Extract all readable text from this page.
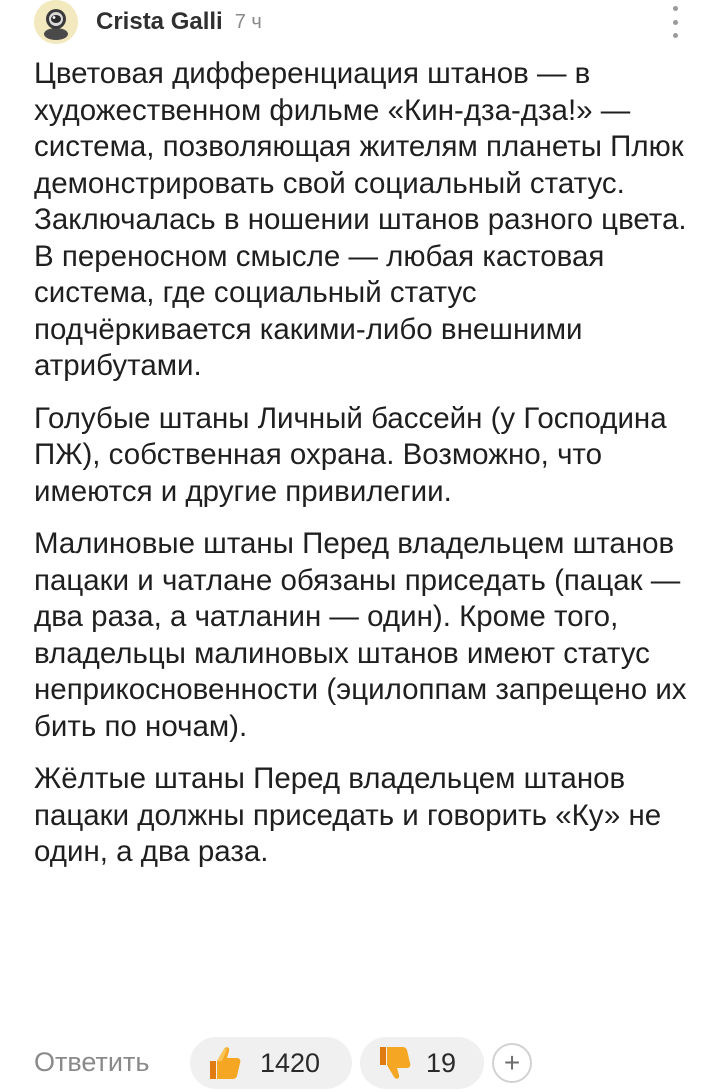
Crista Galli 7 ч

Цветовая дифференциация штанов — в художественном фильме «Кин-дза-дза!» — система, позволяющая жителям планеты Плюк демонстрировать свой социальный статус. Заключалась в ношении штанов разного цвета. В переносном смысле — любая кастовая система, где социальный статус подчёркивается какими-либо внешними атрибутами.

Голубые штаны Личный бассейн (у Господина ПЖ), собственная охрана. Возможно, что имеются и другие привилегии.

Малиновые штаны Перед владельцем штанов пацаки и чатлане обязаны приседать (пацак — два раза, а чатланин — один). Кроме того, владельцы малиновых штанов имеют статус неприкосновенности (эцилоппам запрещено их бить по ночам).

Жёлтые штаны Перед владельцем штанов пацаки должны приседать и говорить «Ку» не один, а два раза.

Ответить	1420	19	+
